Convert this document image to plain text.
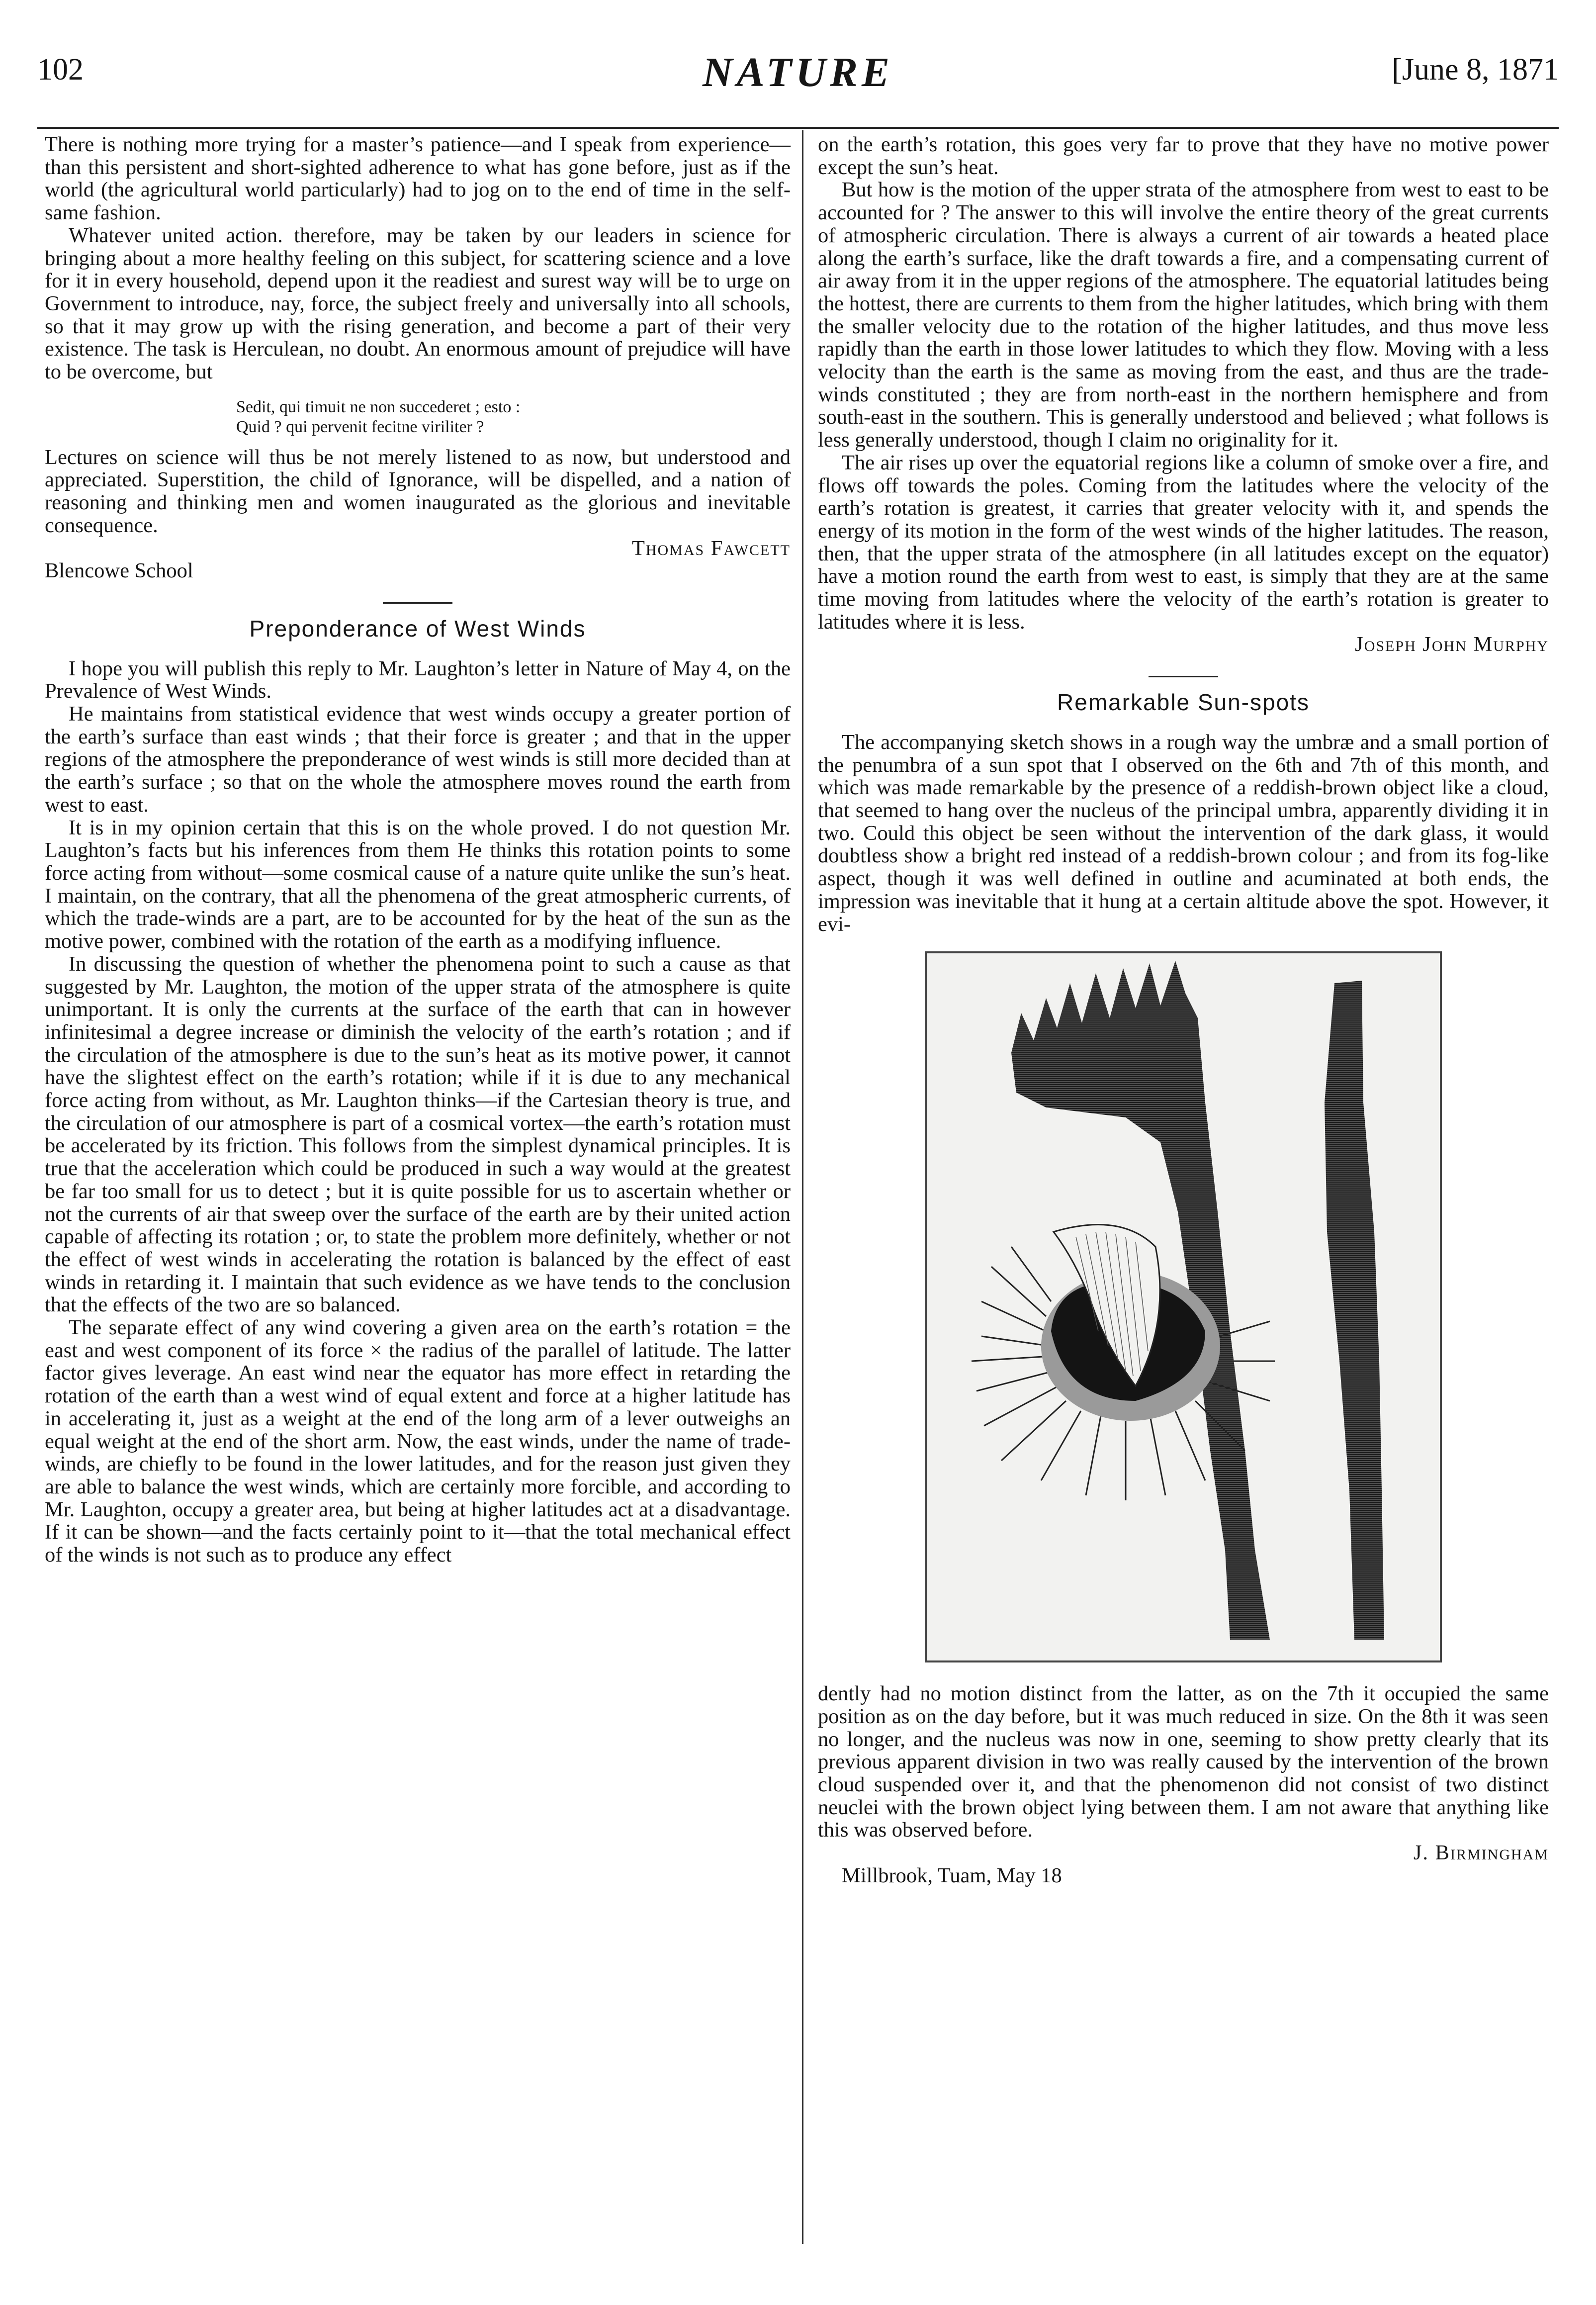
102	NATURE	[June 8, 1871

There is nothing more trying for a master’s patience—and I speak from experience—than this persistent and short-sighted adherence to what has gone before, just as if the world (the agricultural world particularly) had to jog on to the end of time in the self-same fashion.

Whatever united action. therefore, may be taken by our leaders in science for bringing about a more healthy feeling on this subject, for scattering science and a love for it in every household, depend upon it the readiest and surest way will be to urge on Government to introduce, nay, force, the subject freely and universally into all schools, so that it may grow up with the rising generation, and become a part of their very existence. The task is Herculean, no doubt. An enormous amount of prejudice will have to be overcome, but

Sedit, qui timuit ne non succederet ; esto :
Quid ? qui pervenit fecitne viriliter ?

Lectures on science will thus be not merely listened to as now, but understood and appreciated. Superstition, the child of Ignorance, will be dispelled, and a nation of reasoning and thinking men and women inaugurated as the glorious and inevitable consequence.

Thomas Fawcett

Blencowe School

Preponderance of West Winds

I hope you will publish this reply to Mr. Laughton’s letter in Nature of May 4, on the Prevalence of West Winds.

He maintains from statistical evidence that west winds occupy a greater portion of the earth’s surface than east winds ; that their force is greater ; and that in the upper regions of the atmosphere the preponderance of west winds is still more decided than at the earth’s surface ; so that on the whole the atmosphere moves round the earth from west to east.

It is in my opinion certain that this is on the whole proved. I do not question Mr. Laughton’s facts but his inferences from them He thinks this rotation points to some force acting from without—some cosmical cause of a nature quite unlike the sun’s heat. I maintain, on the contrary, that all the phenomena of the great atmospheric currents, of which the trade-winds are a part, are to be accounted for by the heat of the sun as the motive power, combined with the rotation of the earth as a modifying influence.

In discussing the question of whether the phenomena point to such a cause as that suggested by Mr. Laughton, the motion of the upper strata of the atmosphere is quite unimportant. It is only the currents at the surface of the earth that can in however infinitesimal a degree increase or diminish the velocity of the earth’s rotation ; and if the circulation of the atmosphere is due to the sun’s heat as its motive power, it cannot have the slightest effect on the earth’s rotation; while if it is due to any mechanical force acting from without, as Mr. Laughton thinks—if the Cartesian theory is true, and the circulation of our atmosphere is part of a cosmical vortex—the earth’s rotation must be accelerated by its friction. This follows from the simplest dynamical principles. It is true that the acceleration which could be produced in such a way would at the greatest be far too small for us to detect ; but it is quite possible for us to ascertain whether or not the currents of air that sweep over the surface of the earth are by their united action capable of affecting its rotation ; or, to state the problem more definitely, whether or not the effect of west winds in accelerating the rotation is balanced by the effect of east winds in retarding it. I maintain that such evidence as we have tends to the conclusion that the effects of the two are so balanced.

The separate effect of any wind covering a given area on the earth’s rotation = the east and west component of its force × the radius of the parallel of latitude. The latter factor gives leverage. An east wind near the equator has more effect in retarding the rotation of the earth than a west wind of equal extent and force at a higher latitude has in accelerating it, just as a weight at the end of the long arm of a lever outweighs an equal weight at the end of the short arm. Now, the east winds, under the name of trade-winds, are chiefly to be found in the lower latitudes, and for the reason just given they are able to balance the west winds, which are certainly more forcible, and according to Mr. Laughton, occupy a greater area, but being at higher latitudes act at a disadvantage. If it can be shown—and the facts certainly point to it—that the total mechanical effect of the winds is not such as to produce any effect

on the earth’s rotation, this goes very far to prove that they have no motive power except the sun’s heat.

But how is the motion of the upper strata of the atmosphere from west to east to be accounted for ? The answer to this will involve the entire theory of the great currents of atmospheric circulation. There is always a current of air towards a heated place along the earth’s surface, like the draft towards a fire, and a compensating current of air away from it in the upper regions of the atmosphere. The equatorial latitudes being the hottest, there are currents to them from the higher latitudes, which bring with them the smaller velocity due to the rotation of the higher latitudes, and thus move less rapidly than the earth in those lower latitudes to which they flow. Moving with a less velocity than the earth is the same as moving from the east, and thus are the trade-winds constituted ; they are from north-east in the northern hemisphere and from south-east in the southern. This is generally understood and believed ; what follows is less generally understood, though I claim no originality for it.

The air rises up over the equatorial regions like a column of smoke over a fire, and flows off towards the poles. Coming from the latitudes where the velocity of the earth’s rotation is greatest, it carries that greater velocity with it, and spends the energy of its motion in the form of the west winds of the higher latitudes. The reason, then, that the upper strata of the atmosphere (in all latitudes except on the equator) have a motion round the earth from west to east, is simply that they are at the same time moving from latitudes where the velocity of the earth’s rotation is greater to latitudes where it is less.

Joseph John Murphy
Remarkable Sun-spots

The accompanying sketch shows in a rough way the umbræ and a small portion of the penumbra of a sun spot that I observed on the 6th and 7th of this month, and which was made remarkable by the presence of a reddish-brown object like a cloud, that seemed to hang over the nucleus of the principal umbra, apparently dividing it in two. Could this object be seen without the intervention of the dark glass, it would doubtless show a bright red instead of a reddish-brown colour ; and from its fog-like aspect, though it was well defined in outline and acuminated at both ends, the impression was inevitable that it hung at a certain altitude above the spot. However, it evi-

dently had no motion distinct from the latter, as on the 7th it occupied the same position as on the day before, but it was much reduced in size. On the 8th it was seen no longer, and the nucleus was now in one, seeming to show pretty clearly that its previous apparent division in two was really caused by the intervention of the brown cloud suspended over it, and that the phenomenon did not consist of two distinct neuclei with the brown object lying between them. I am not aware that anything like this was observed before.

J. Birmingham

Millbrook, Tuam, May 18
